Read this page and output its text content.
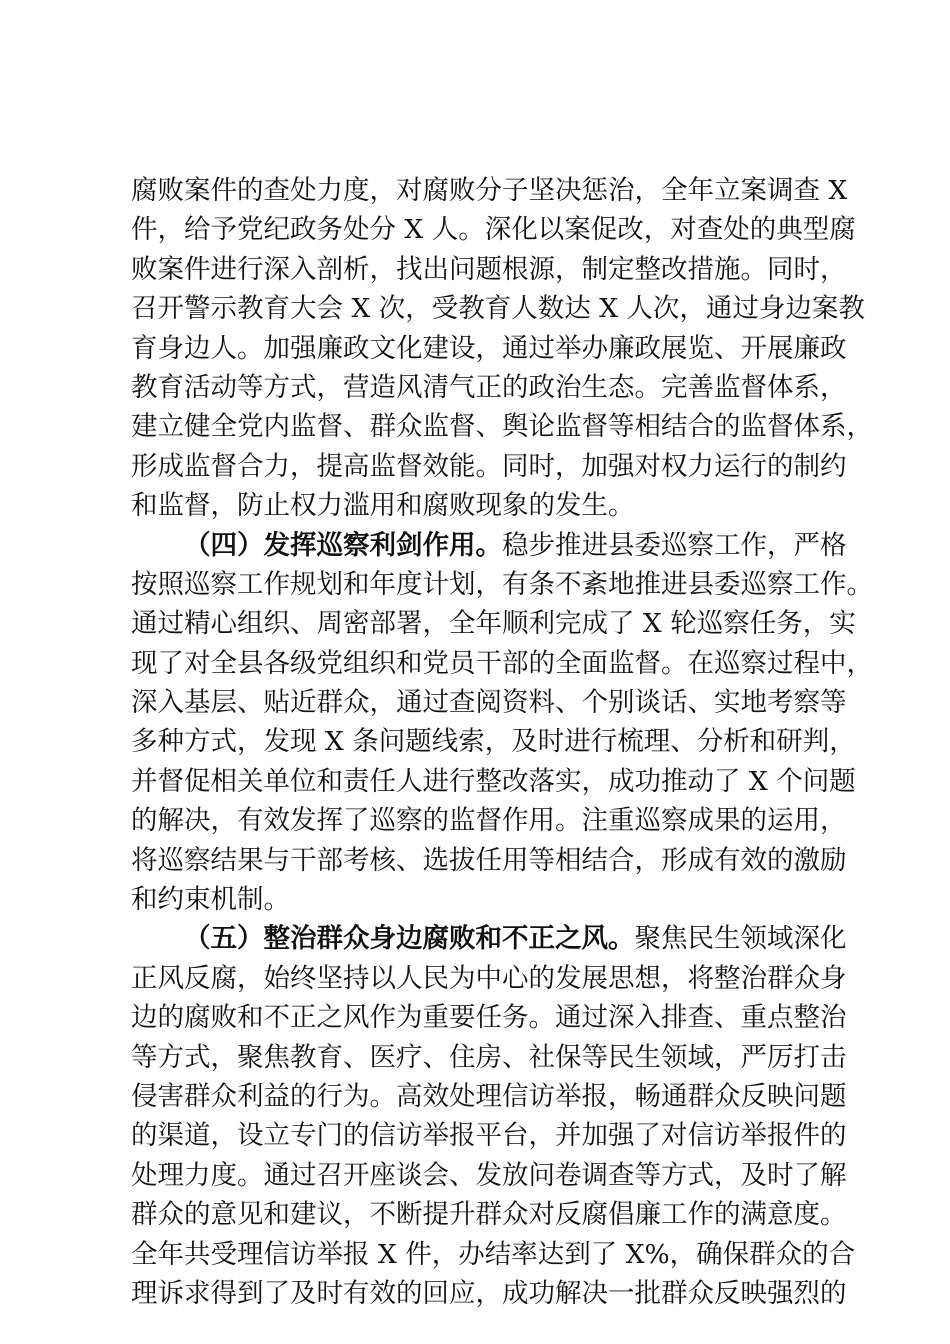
腐败案件的查处力度，对腐败分子坚决惩治，全年立案调查 X
件，给予党纪政务处分 X 人。深化以案促改，对查处的典型腐
败案件进行深入剖析，找出问题根源，制定整改措施。同时，
召开警示教育大会 X 次，受教育人数达 X 人次，通过身边案教
育身边人。加强廉政文化建设，通过举办廉政展览、开展廉政
教育活动等方式，营造风清气正的政治生态。完善监督体系，
建立健全党内监督、群众监督、舆论监督等相结合的监督体系，
形成监督合力，提高监督效能。同时，加强对权力运行的制约
和监督，防止权力滥用和腐败现象的发生。
（四）发挥巡察利剑作用。稳步推进县委巡察工作，严格
按照巡察工作规划和年度计划，有条不紊地推进县委巡察工作。
通过精心组织、周密部署，全年顺利完成了 X 轮巡察任务，实
现了对全县各级党组织和党员干部的全面监督。在巡察过程中，
深入基层、贴近群众，通过查阅资料、个别谈话、实地考察等
多种方式，发现 X 条问题线索，及时进行梳理、分析和研判，
并督促相关单位和责任人进行整改落实，成功推动了 X 个问题
的解决，有效发挥了巡察的监督作用。注重巡察成果的运用，
将巡察结果与干部考核、选拔任用等相结合，形成有效的激励
和约束机制。
（五）整治群众身边腐败和不正之风。聚焦民生领域深化
正风反腐，始终坚持以人民为中心的发展思想，将整治群众身
边的腐败和不正之风作为重要任务。通过深入排查、重点整治
等方式，聚焦教育、医疗、住房、社保等民生领域，严厉打击
侵害群众利益的行为。高效处理信访举报，畅通群众反映问题
的渠道，设立专门的信访举报平台，并加强了对信访举报件的
处理力度。通过召开座谈会、发放问卷调查等方式，及时了解
群众的意见和建议，不断提升群众对反腐倡廉工作的满意度。
全年共受理信访举报 X 件，办结率达到了 X%，确保群众的合
理诉求得到了及时有效的回应，成功解决一批群众反映强烈的
